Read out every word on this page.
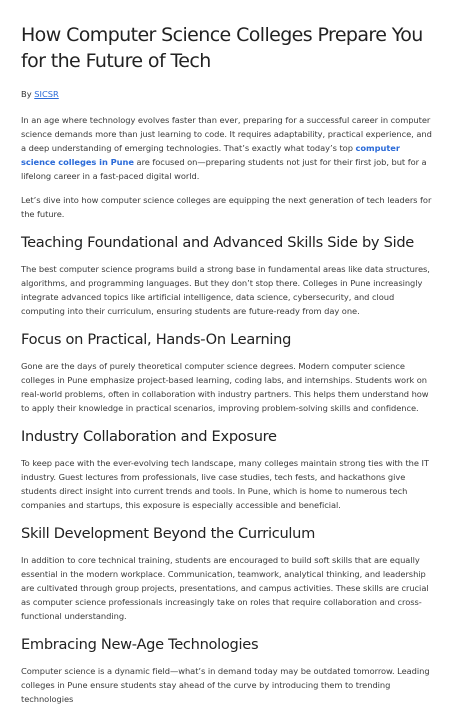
How Computer Science Colleges Prepare You for the Future of Tech
By SICSR

In an age where technology evolves faster than ever, preparing for a successful career in computer science demands more than just learning to code. It requires adaptability, practical experience, and a deep understanding of emerging technologies. That’s exactly what today’s top computer science colleges in Pune are focused on—preparing students not just for their first job, but for a lifelong career in a fast-paced digital world.

Let’s dive into how computer science colleges are equipping the next generation of tech leaders for the future.

Teaching Foundational and Advanced Skills Side by Side

The best computer science programs build a strong base in fundamental areas like data structures, algorithms, and programming languages. But they don’t stop there. Colleges in Pune increasingly integrate advanced topics like artificial intelligence, data science, cybersecurity, and cloud computing into their curriculum, ensuring students are future-ready from day one.

Focus on Practical, Hands-On Learning

Gone are the days of purely theoretical computer science degrees. Modern computer science colleges in Pune emphasize project-based learning, coding labs, and internships. Students work on real-world problems, often in collaboration with industry partners. This helps them understand how to apply their knowledge in practical scenarios, improving problem-solving skills and confidence.

Industry Collaboration and Exposure

To keep pace with the ever-evolving tech landscape, many colleges maintain strong ties with the IT industry. Guest lectures from professionals, live case studies, tech fests, and hackathons give students direct insight into current trends and tools. In Pune, which is home to numerous tech companies and startups, this exposure is especially accessible and beneficial.

Skill Development Beyond the Curriculum

In addition to core technical training, students are encouraged to build soft skills that are equally essential in the modern workplace. Communication, teamwork, analytical thinking, and leadership are cultivated through group projects, presentations, and campus activities. These skills are crucial as computer science professionals increasingly take on roles that require collaboration and cross-functional understanding.

Embracing New-Age Technologies

Computer science is a dynamic field—what’s in demand today may be outdated tomorrow. Leading colleges in Pune ensure students stay ahead of the curve by introducing them to trending technologies
